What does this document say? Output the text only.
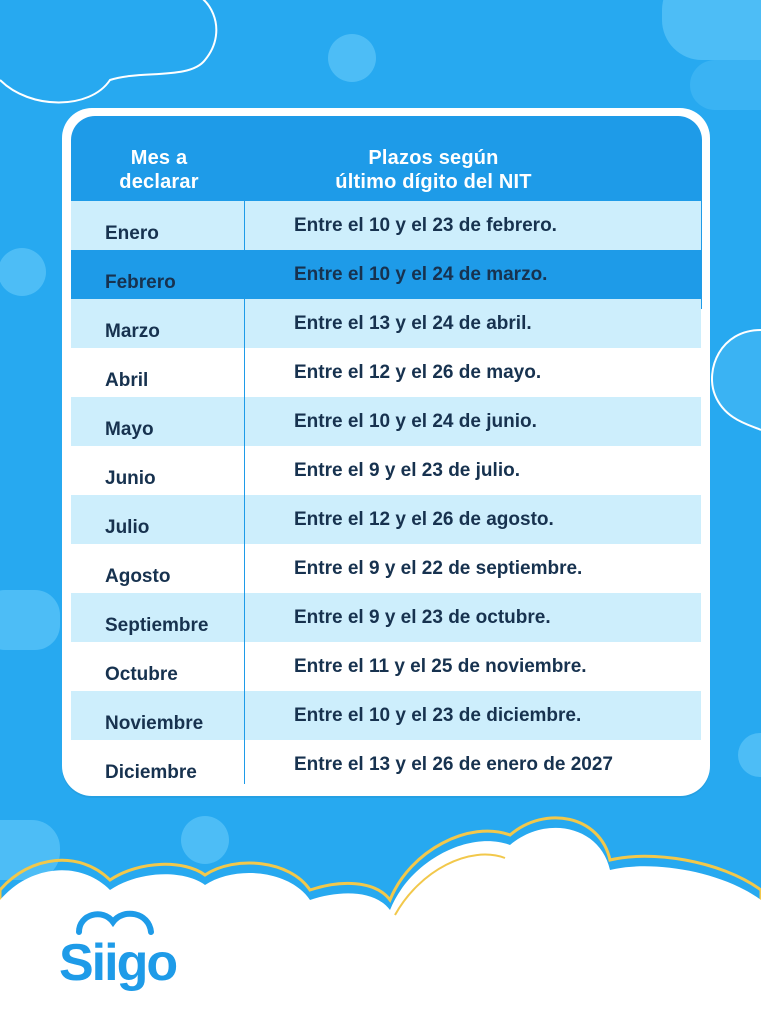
Mes a
declarar
Plazos según
último dígito del NIT
Enero	Entre el 10 y el 23 de febrero.
Febrero	Entre el 10 y el 24 de marzo.
Marzo	Entre el 13 y el 24 de abril.
Abril	Entre el 12 y el 26 de mayo.
Mayo	Entre el 10 y el 24 de junio.
Junio	Entre el 9 y el 23 de julio.
Julio	Entre el 12 y el 26 de agosto.
Agosto	Entre el 9 y el 22 de septiembre.
Septiembre	Entre el 9 y el 23 de octubre.
Octubre	Entre el 11 y el 25 de noviembre.
Noviembre	Entre el 10 y el 23 de diciembre.
Diciembre	Entre el 13 y el 26 de enero de 2027
Siigo
